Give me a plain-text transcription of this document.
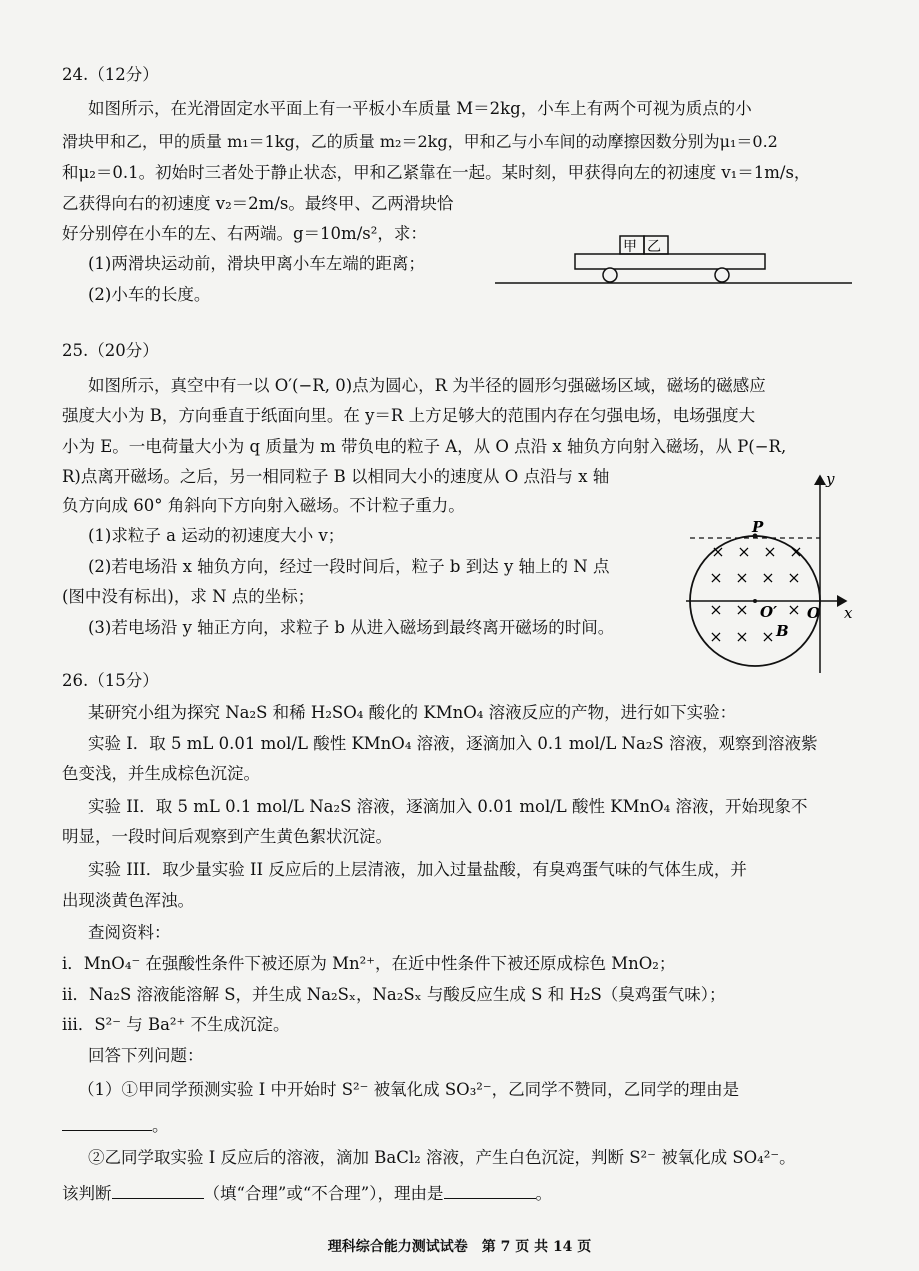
24.（12分）
如图所示，在光滑固定水平面上有一平板小车质量 M＝2kg，小车上有两个可视为质点的小
滑块甲和乙，甲的质量 m₁＝1kg，乙的质量 m₂＝2kg，甲和乙与小车间的动摩擦因数分别为μ₁＝0.2
和μ₂＝0.1。初始时三者处于静止状态，甲和乙紧靠在一起。某时刻，甲获得向左的初速度 v₁＝1m/s，
乙获得向右的初速度 v₂＝2m/s。最终甲、乙两滑块恰
好分别停在小车的左、右两端。g＝10m/s²，求：
(1)两滑块运动前，滑块甲离小车左端的距离；
(2)小车的长度。
甲 乙
25.（20分）
如图所示，真空中有一以 O′(−R, 0)点为圆心，R 为半径的圆形匀强磁场区域，磁场的磁感应
强度大小为 B，方向垂直于纸面向里。在 y＝R 上方足够大的范围内存在匀强电场，电场强度大
小为 E。一电荷量大小为 q 质量为 m 带负电的粒子 A，从 O 点沿 x 轴负方向射入磁场，从 P(−R,
R)点离开磁场。之后，另一相同粒子 B 以相同大小的速度从 O 点沿与 x 轴
负方向成 60° 角斜向下方向射入磁场。不计粒子重力。
(1)求粒子 a 运动的初速度大小 v；
(2)若电场沿 x 轴负方向，经过一段时间后，粒子 b 到达 y 轴上的 N 点
(图中没有标出)，求 N 点的坐标；
(3)若电场沿 y 轴正方向，求粒子 b 从进入磁场到最终离开磁场的时间。
y
x
O
O′
P
B
× × × ×
× × × ×
× × ×
× × ×
26.（15分）
某研究小组为探究 Na₂S 和稀 H₂SO₄ 酸化的 KMnO₄ 溶液反应的产物，进行如下实验：
实验 I．取 5 mL 0.01 mol/L 酸性 KMnO₄ 溶液，逐滴加入 0.1 mol/L Na₂S 溶液，观察到溶液紫
色变浅，并生成棕色沉淀。
实验 II．取 5 mL 0.1 mol/L Na₂S 溶液，逐滴加入 0.01 mol/L 酸性 KMnO₄ 溶液，开始现象不
明显，一段时间后观察到产生黄色絮状沉淀。
实验 III．取少量实验 II 反应后的上层清液，加入过量盐酸，有臭鸡蛋气味的气体生成，并
出现淡黄色浑浊。
查阅资料：
i．MnO₄⁻ 在强酸性条件下被还原为 Mn²⁺，在近中性条件下被还原成棕色 MnO₂；
ii．Na₂S 溶液能溶解 S，并生成 Na₂Sₓ，Na₂Sₓ 与酸反应生成 S 和 H₂S（臭鸡蛋气味）；
iii．S²⁻ 与 Ba²⁺ 不生成沉淀。
回答下列问题：
（1）①甲同学预测实验 I 中开始时 S²⁻ 被氧化成 SO₃²⁻，乙同学不赞同，乙同学的理由是
。
②乙同学取实验 I 反应后的溶液，滴加 BaCl₂ 溶液，产生白色沉淀，判断 S²⁻ 被氧化成 SO₄²⁻。
该判断	（填“合理”或“不合理”），理由是	。
理科综合能力测试试卷　第 7 页 共 14 页
